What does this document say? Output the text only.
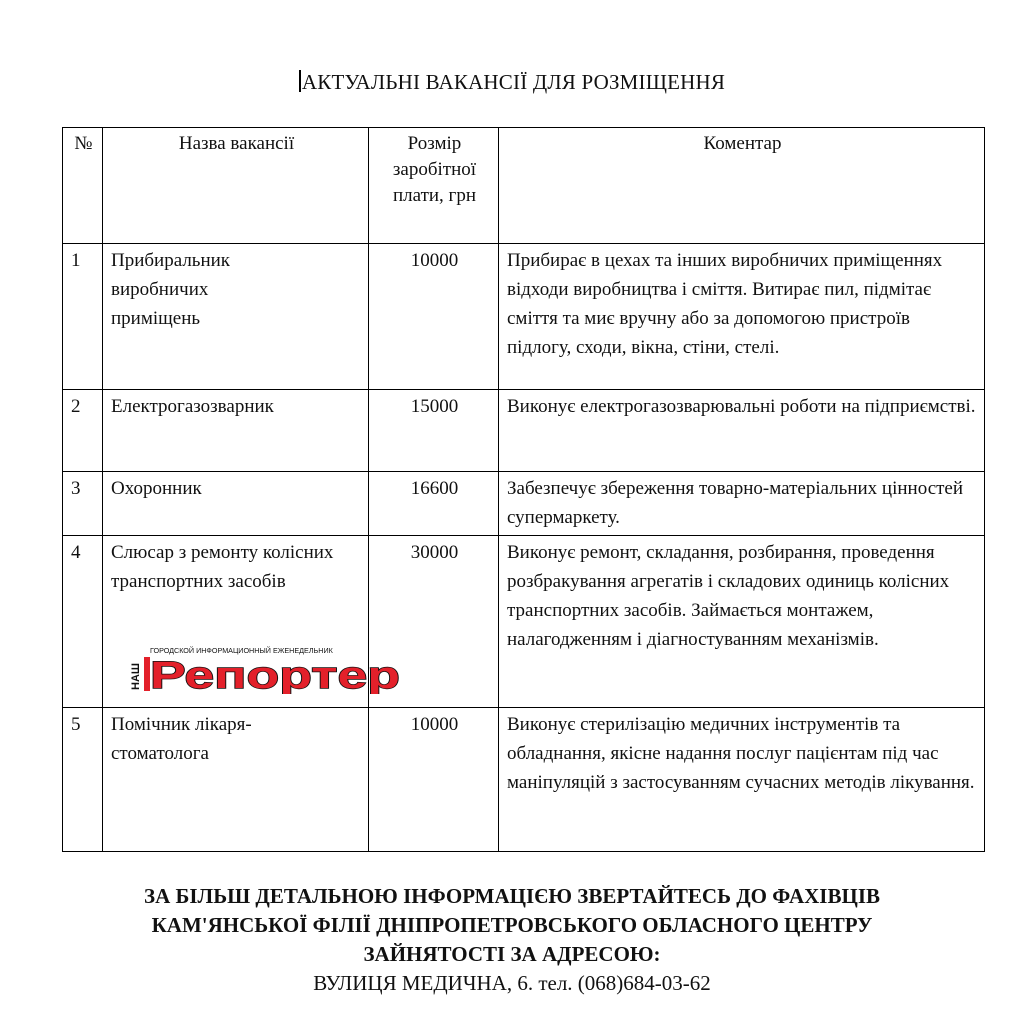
АКТУАЛЬНІ ВАКАНСІЇ ДЛЯ РОЗМІЩЕННЯ
№	Назва вакансії	Розмір заробітної плати, грн	Коментар
1	Прибиральник виробничих приміщень	10000	Прибирає в цехах та інших виробничих приміщеннях відходи виробництва і сміття. Витирає пил, підмітає сміття та миє вручну або за допомогою пристроїв підлогу, сходи, вікна, стіни, стелі.
2	Електрогазозварник	15000	Виконує електрогазозварювальні роботи на підприємстві.
3	Охоронник	16600	Забезпечує збереження товарно-матеріальних цінностей супермаркету.
4	Слюсар з ремонту колісних транспортних засобів	30000	Виконує ремонт, складання, розбирання, проведення розбракування агрегатів і складових одиниць колісних транспортних засобів. Займається монтажем, налагодженням і діагностуванням механізмів.
5	Помічник лікаря-стоматолога	10000	Виконує стерилізацію медичних інструментів та обладнання, якісне надання послуг пацієнтам під час маніпуляцій з застосуванням сучасних методів лікування.
НАШ
ГОРОДСКОЙ ИНФОРМАЦИОННЫЙ ЕЖЕНЕДЕЛЬНИК
Репортер
ЗА БІЛЬШ ДЕТАЛЬНОЮ ІНФОРМАЦІЄЮ ЗВЕРТАЙТЕСЬ ДО ФАХІВЦІВ
КАМ'ЯНСЬКОЇ ФІЛІЇ ДНІПРОПЕТРОВСЬКОГО ОБЛАСНОГО ЦЕНТРУ
ЗАЙНЯТОСТІ ЗА АДРЕСОЮ:
ВУЛИЦЯ МЕДИЧНА, 6. тел. (068)684-03-62
